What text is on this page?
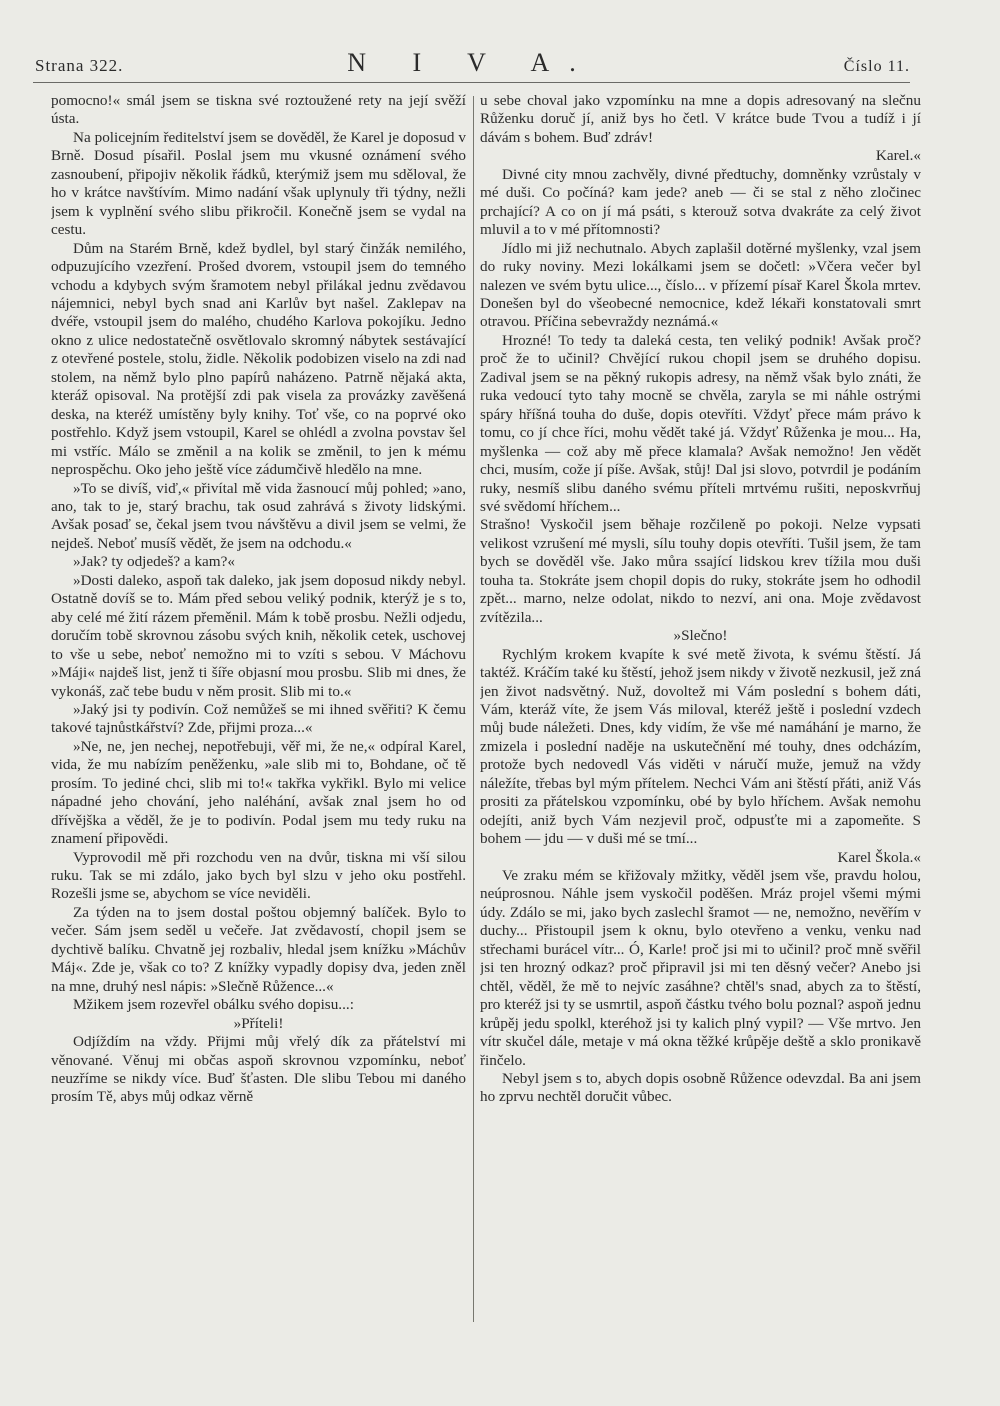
Strana 322.	N I V A.	Číslo 11.

pomocno!« smál jsem se tiskna své roztoužené rety na její svěží ústa.

Na policejním ředitelství jsem se dověděl, že Karel je doposud v Brně. Dosud písařil. Poslal jsem mu vkusné oznámení svého zasnoubení, připojiv několik řádků, kterýmiž jsem mu sděloval, že ho v krátce navštívím. Mimo nadání však uplynuly tři týdny, nežli jsem k vyplnění svého slibu přikročil. Konečně jsem se vydal na cestu.

Dům na Starém Brně, kdež bydlel, byl starý činžák nemilého, odpuzujícího vzezření. Prošed dvorem, vstoupil jsem do temného vchodu a kdybych svým šramotem nebyl přilákal jednu zvědavou nájemnici, nebyl bych snad ani Karlův byt našel. Zaklepav na dvéře, vstoupil jsem do malého, chudého Karlova pokojíku. Jedno okno z ulice nedostatečně osvětlovalo skromný nábytek sestávající z otevřené postele, stolu, židle. Několik podobizen viselo na zdi nad stolem, na němž bylo plno papírů naházeno. Patrně nějaká akta, kteráž opisoval. Na protější zdi pak visela za provázky zavěšená deska, na kteréž umístěny byly knihy. Toť vše, co na poprvé oko postřehlo. Když jsem vstoupil, Karel se ohlédl a zvolna povstav šel mi vstříc. Málo se změnil a na kolik se změnil, to jen k mému neprospěchu. Oko jeho ještě více zádumčivě hledělo na mne.

»To se divíš, viď,« přivítal mě vida žasnoucí můj pohled; »ano, ano, tak to je, starý brachu, tak osud zahrává s životy lidskými. Avšak posaď se, čekal jsem tvou návštěvu a divil jsem se velmi, že nejdeš. Neboť musíš vědět, že jsem na odchodu.«

»Jak? ty odjedeš? a kam?«

»Dosti daleko, aspoň tak daleko, jak jsem doposud nikdy nebyl. Ostatně dovíš se to. Mám před sebou veliký podnik, kterýž je s to, aby celé mé žití rázem přeměnil. Mám k tobě prosbu. Nežli odjedu, doručím tobě skrovnou zásobu svých knih, několik cetek, uschovej to vše u sebe, neboť nemožno mi to vzíti s sebou. V Máchovu »Máji« najdeš list, jenž ti šíře objasní mou prosbu. Slib mi dnes, že vykonáš, zač tebe budu v něm prosit. Slib mi to.«

»Jaký jsi ty podivín. Což nemůžeš se mi ihned svěřiti? K čemu takové tajnůstkářství? Zde, přijmi proza...«

»Ne, ne, jen nechej, nepotřebuji, věř mi, že ne,« odpíral Karel, vida, že mu nabízím peněženku, »ale slib mi to, Bohdane, oč tě prosím. To jediné chci, slib mi to!« takřka vykřikl. Bylo mi velice nápadné jeho chování, jeho naléhání, avšak znal jsem ho od dřívějška a věděl, že je to podivín. Podal jsem mu tedy ruku na znamení připovědi.

Vyprovodil mě při rozchodu ven na dvůr, tiskna mi vší silou ruku. Tak se mi zdálo, jako bych byl slzu v jeho oku postřehl. Rozešli jsme se, abychom se více neviděli.

Za týden na to jsem dostal poštou objemný balíček. Bylo to večer. Sám jsem seděl u večeře. Jat zvědavostí, chopil jsem se dychtivě balíku. Chvatně jej rozbaliv, hledal jsem knížku »Máchův Máj«. Zde je, však co to? Z knížky vypadly dopisy dva, jeden zněl na mne, druhý nesl nápis: »Slečně Růžence...«

Mžikem jsem rozevřel obálku svého dopisu...:

»Příteli!

Odjíždím na vždy. Přijmi můj vřelý dík za přátelství mi věnované. Věnuj mi občas aspoň skrovnou vzpomínku, neboť neuzříme se nikdy více. Buď šťasten. Dle slibu Tebou mi daného prosím Tě, abys můj odkaz věrně

u sebe choval jako vzpomínku na mne a dopis adresovaný na slečnu Růženku doruč jí, aniž bys ho četl. V krátce bude Tvou a tudíž i jí dávám s bohem. Buď zdráv!

Karel.«

Divné city mnou zachvěly, divné předtuchy, domněnky vzrůstaly v mé duši. Co počíná? kam jede? aneb — či se stal z něho zločinec prchající? A co on jí má psáti, s kterouž sotva dvakráte za celý život mluvil a to v mé přítomnosti?

Jídlo mi již nechutnalo. Abych zaplašil dotěrné myšlenky, vzal jsem do ruky noviny. Mezi lokálkami jsem se dočetl: »Včera večer byl nalezen ve svém bytu ulice..., číslo... v přízemí písař Karel Škola mrtev. Donešen byl do všeobecné nemocnice, kdež lékaři konstatovali smrt otravou. Příčina sebevraždy neznámá.«

Hrozné! To tedy ta daleká cesta, ten veliký podnik! Avšak proč? proč že to učinil? Chvějící rukou chopil jsem se druhého dopisu. Zadival jsem se na pěkný rukopis adresy, na němž však bylo znáti, že ruka vedoucí tyto tahy mocně se chvěla, zaryla se mi náhle ostrými spáry hříšná touha do duše, dopis otevříti. Vždyť přece mám právo k tomu, co jí chce říci, mohu vědět také já. Vždyť Růženka je mou... Ha, myšlenka — což aby mě přece klamala? Avšak nemožno! Jen vědět chci, musím, cože jí píše. Avšak, stůj! Dal jsi slovo, potvrdil je podáním ruky, nesmíš slibu daného svému příteli mrtvému rušiti, neposkvrňuj své svědomí hříchem...

Strašno! Vyskočil jsem běhaje rozčileně po pokoji. Nelze vypsati velikost vzrušení mé mysli, sílu touhy dopis otevříti. Tušil jsem, že tam bych se dověděl vše. Jako můra ssající lidskou krev tížila mou duši touha ta. Stokráte jsem chopil dopis do ruky, stokráte jsem ho odhodil zpět... marno, nelze odolat, nikdo to nezví, ani ona. Moje zvědavost zvítězila...

»Slečno!

Rychlým krokem kvapíte k své metě života, k svému štěstí. Já taktéž. Kráčím také ku štěstí, jehož jsem nikdy v životě nezkusil, jež zná jen život nadsvětný. Nuž, dovoltež mi Vám poslední s bohem dáti, Vám, kteráž víte, že jsem Vás miloval, kteréž ještě i poslední vzdech můj bude náležeti. Dnes, kdy vidím, že vše mé namáhání je marno, že zmizela i poslední naděje na uskutečnění mé touhy, dnes odcházím, protože bych nedovedl Vás viděti v náručí muže, jemuž na vždy náležíte, třebas byl mým přítelem. Nechci Vám ani štěstí přáti, aniž Vás prositi za přátelskou vzpomínku, obé by bylo hříchem. Avšak nemohu odejíti, aniž bych Vám nezjevil proč, odpusťte mi a zapomeňte. S bohem — jdu — v duši mé se tmí...

Karel Škola.«

Ve zraku mém se křižovaly mžitky, věděl jsem vše, pravdu holou, neúprosnou. Náhle jsem vyskočil poděšen. Mráz projel všemi mými údy. Zdálo se mi, jako bych zaslechl šramot — ne, nemožno, nevěřím v duchy... Přistoupil jsem k oknu, bylo otevřeno a venku, venku nad střechami burácel vítr... Ó, Karle! proč jsi mi to učinil? proč mně svěřil jsi ten hrozný odkaz? proč připravil jsi mi ten děsný večer? Anebo jsi chtěl, věděl, že mě to nejvíc zasáhne? chtěl's snad, abych za to štěstí, pro kteréž jsi ty se usmrtil, aspoň částku tvého bolu poznal? aspoň jednu krůpěj jedu spolkl, kteréhož jsi ty kalich plný vypil? — Vše mrtvo. Jen vítr skučel dále, metaje v má okna těžké krůpěje deště a sklo pronikavě řinčelo.

Nebyl jsem s to, abych dopis osobně Růžence odevzdal. Ba ani jsem ho zprvu nechtěl doručit vůbec.
